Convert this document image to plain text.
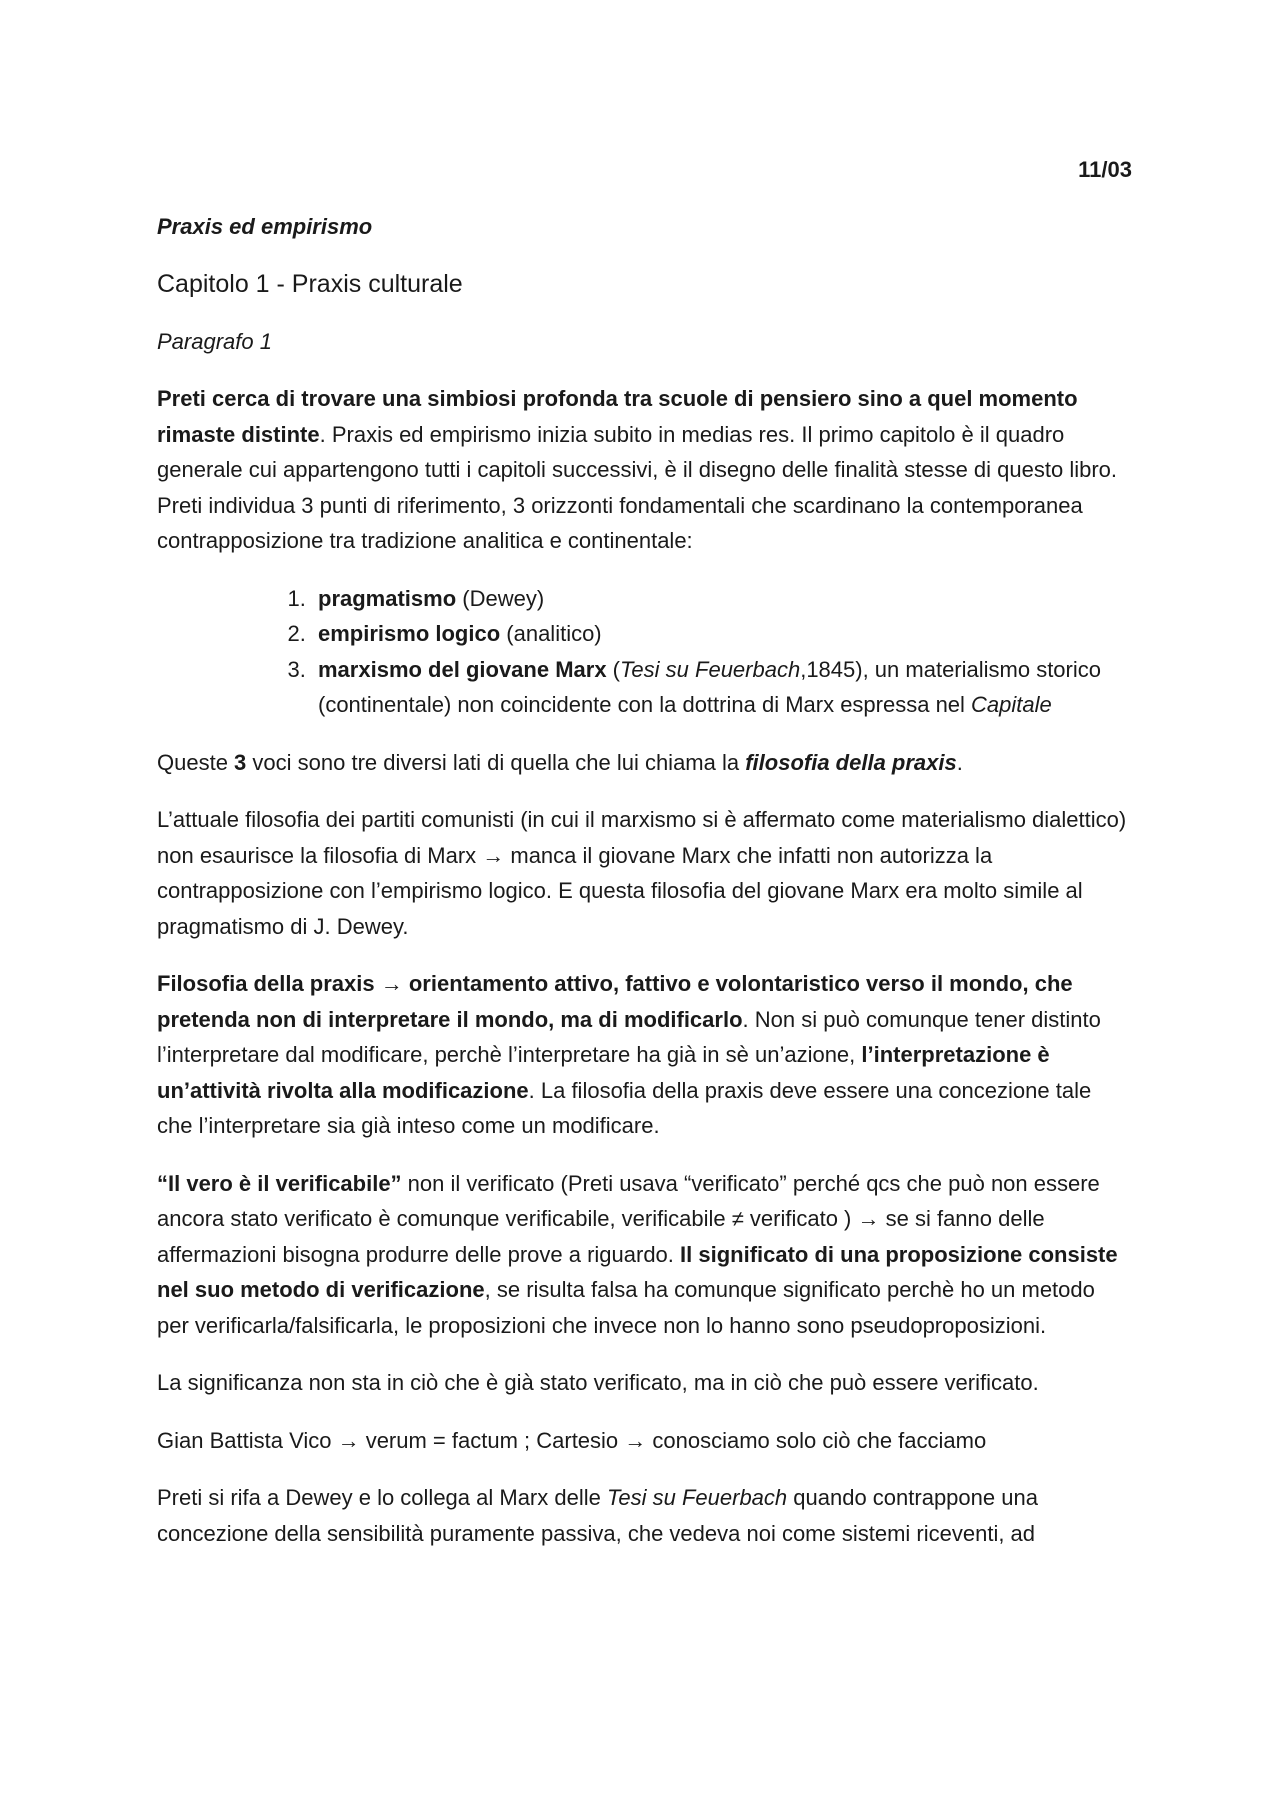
11/03
Praxis ed empirismo
Capitolo 1 - Praxis culturale
Paragrafo 1

Preti cerca di trovare una simbiosi profonda tra scuole di pensiero sino a quel momento rimaste distinte. Praxis ed empirismo inizia subito in medias res. Il primo capitolo è il quadro generale cui appartengono tutti i capitoli successivi, è il disegno delle finalità stesse di questo libro. Preti individua 3 punti di riferimento, 3 orizzonti fondamentali che scardinano la contemporanea contrapposizione tra tradizione analitica e continentale:

1. pragmatismo (Dewey)
2. empirismo logico (analitico)
3. marxismo del giovane Marx (Tesi su Feuerbach,1845), un materialismo storico (continentale) non coincidente con la dottrina di Marx espressa nel Capitale

Queste 3 voci sono tre diversi lati di quella che lui chiama la filosofia della praxis.

L’attuale filosofia dei partiti comunisti (in cui il marxismo si è affermato come materialismo dialettico) non esaurisce la filosofia di Marx → manca il giovane Marx che infatti non autorizza la contrapposizione con l’empirismo logico. E questa filosofia del giovane Marx era molto simile al pragmatismo di J. Dewey.

Filosofia della praxis → orientamento attivo, fattivo e volontaristico verso il mondo, che pretenda non di interpretare il mondo, ma di modificarlo. Non si può comunque tener distinto l’interpretare dal modificare, perchè l’interpretare ha già in sè un’azione, l’interpretazione è un’attività rivolta alla modificazione. La filosofia della praxis deve essere una concezione tale che l’interpretare sia già inteso come un modificare.

“Il vero è il verificabile” non il verificato (Preti usava “verificato” perché qcs che può non essere ancora stato verificato è comunque verificabile, verificabile ≠ verificato ) → se si fanno delle affermazioni bisogna produrre delle prove a riguardo. Il significato di una proposizione consiste nel suo metodo di verificazione, se risulta falsa ha comunque significato perchè ho un metodo per verificarla/falsificarla, le proposizioni che invece non lo hanno sono pseudoproposizioni.

La significanza non sta in ciò che è già stato verificato, ma in ciò che può essere verificato.

Gian Battista Vico → verum = factum ; Cartesio → conosciamo solo ciò che facciamo

Preti si rifa a Dewey e lo collega al Marx delle Tesi su Feuerbach quando contrappone una concezione della sensibilità puramente passiva, che vedeva noi come sistemi riceventi, ad
